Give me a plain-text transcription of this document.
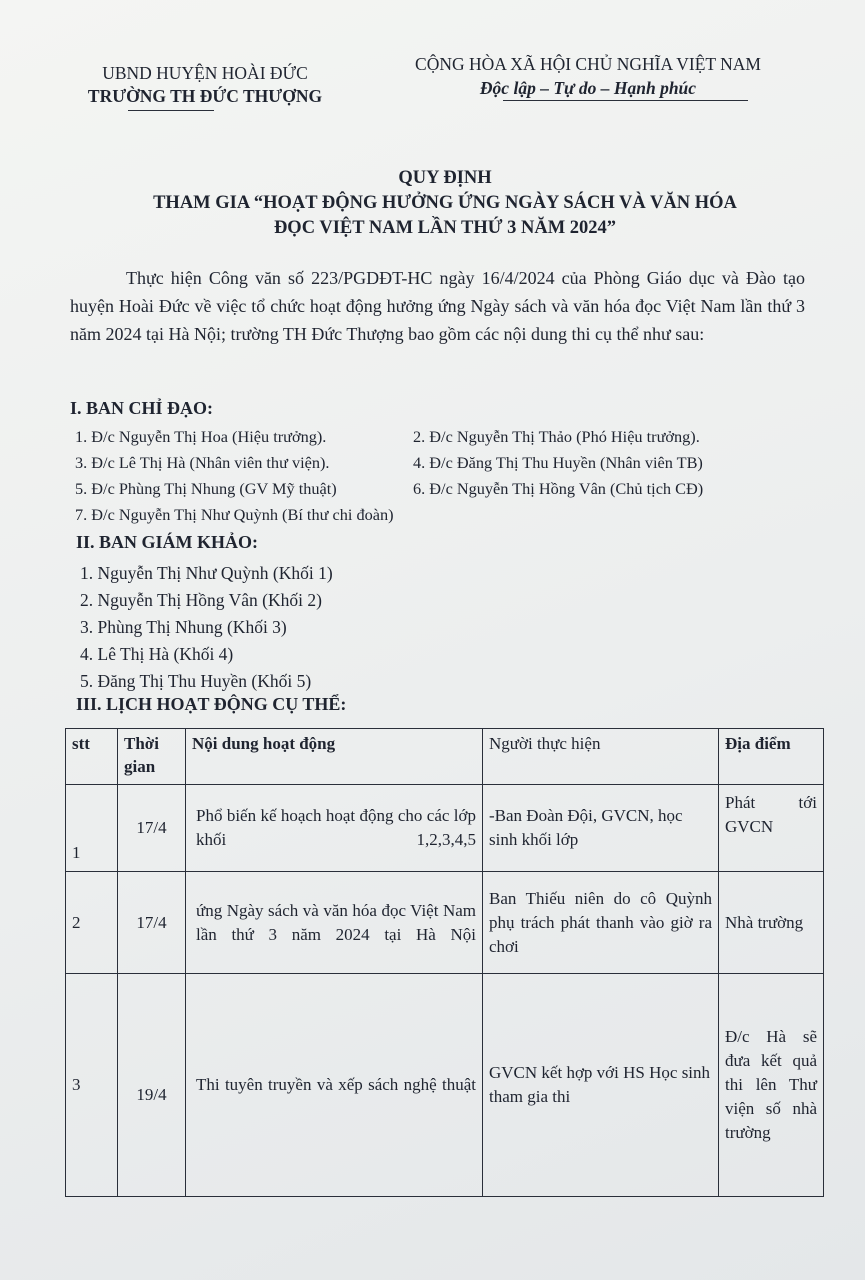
UBND HUYỆN HOÀI ĐỨC
TRƯỜNG TH ĐỨC THƯỢNG
CỘNG HÒA XÃ HỘI CHỦ NGHĨA VIỆT NAM
Độc lập – Tự do – Hạnh phúc
QUY ĐỊNH
THAM GIA “HOẠT ĐỘNG HƯỞNG ỨNG NGÀY SÁCH VÀ VĂN HÓA
ĐỌC VIỆT NAM LẦN THỨ 3 NĂM 2024”
Thực hiện Công văn số 223/PGDĐT-HC ngày 16/4/2024 của Phòng Giáo dục và Đào tạo huyện Hoài Đức về việc tổ chức hoạt động hưởng ứng Ngày sách và văn hóa đọc Việt Nam lần thứ 3 năm 2024 tại Hà Nội; trường TH Đức Thượng bao gồm các nội dung thi cụ thể như sau:
I. BAN CHỈ ĐẠO:
1. Đ/c Nguyễn Thị Hoa (Hiệu trưởng).	2. Đ/c Nguyễn Thị Thảo (Phó Hiệu trưởng).
3. Đ/c Lê Thị Hà (Nhân viên thư viện).	4. Đ/c Đăng Thị Thu Huyền (Nhân viên TB)
5. Đ/c Phùng Thị Nhung (GV Mỹ thuật)	6. Đ/c Nguyễn Thị Hồng Vân (Chủ tịch CĐ)
7. Đ/c Nguyễn Thị Như Quỳnh (Bí thư chi đoàn)
II. BAN GIÁM KHẢO:
1. Nguyễn Thị Như Quỳnh (Khối 1)
2. Nguyễn Thị Hồng Vân (Khối 2)
3. Phùng Thị Nhung (Khối 3)
4. Lê Thị Hà (Khối 4)
5. Đăng Thị Thu Huyền (Khối 5)
III. LỊCH HOẠT ĐỘNG CỤ THỂ:
stt	Thời gian	Nội dung hoạt động	Người thực hiện	Địa điểm
1	17/4	Phổ biến kế hoạch hoạt động cho các lớp khối 1,2,3,4,5	-Ban Đoàn Đội, GVCN, học sinh khối lớp	Phát tới GVCN
2	17/4	ứng Ngày sách và văn hóa đọc Việt Nam lần thứ 3 năm 2024 tại Hà Nội	Ban Thiếu niên do cô Quỳnh phụ trách phát thanh vào giờ ra chơi	Nhà trường
3	19/4	Thi tuyên truyền và xếp sách nghệ thuật	GVCN kết hợp với HS Học sinh tham gia thi	Đ/c Hà sẽ đưa kết quả thi lên Thư viện số nhà trường
